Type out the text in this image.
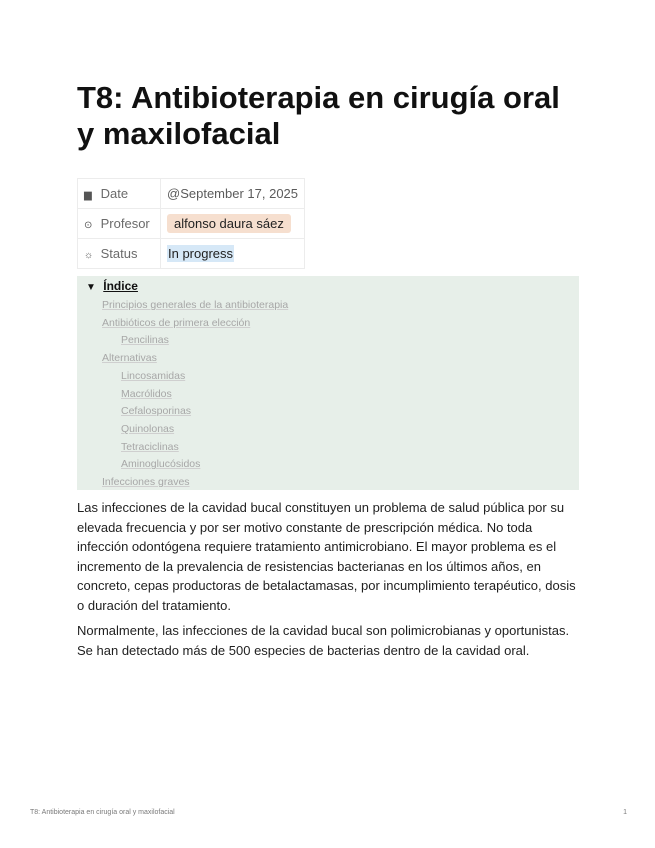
T8: Antibioterapia en cirugía oral y maxilofacial
▆ Date	@September 17, 2025
⊙ Profesor	alfonso daura sáez
☼ Status	In progress
▼ Índice
Principios generales de la antibioterapia
Antibióticos de primera elección
Pencilinas
Alternativas
Lincosamidas
Macrólidos
Cefalosporinas
Quinolonas
Tetraciclinas
Aminoglucósidos
Infecciones graves

Las infecciones de la cavidad bucal constituyen un problema de salud pública por su elevada frecuencia y por ser motivo constante de prescripción médica. No toda infección odontógena requiere tratamiento antimicrobiano. El mayor problema es el incremento de la prevalencia de resistencias bacterianas en los últimos años, en concreto, cepas productoras de betalactamasas, por incumplimiento terapéutico, dosis o duración del tratamiento.

Normalmente, las infecciones de la cavidad bucal son polimicrobianas y oportunistas. Se han detectado más de 500 especies de bacterias dentro de la cavidad oral.

T8: Antibioterapia en cirugía oral y maxilofacial	1
